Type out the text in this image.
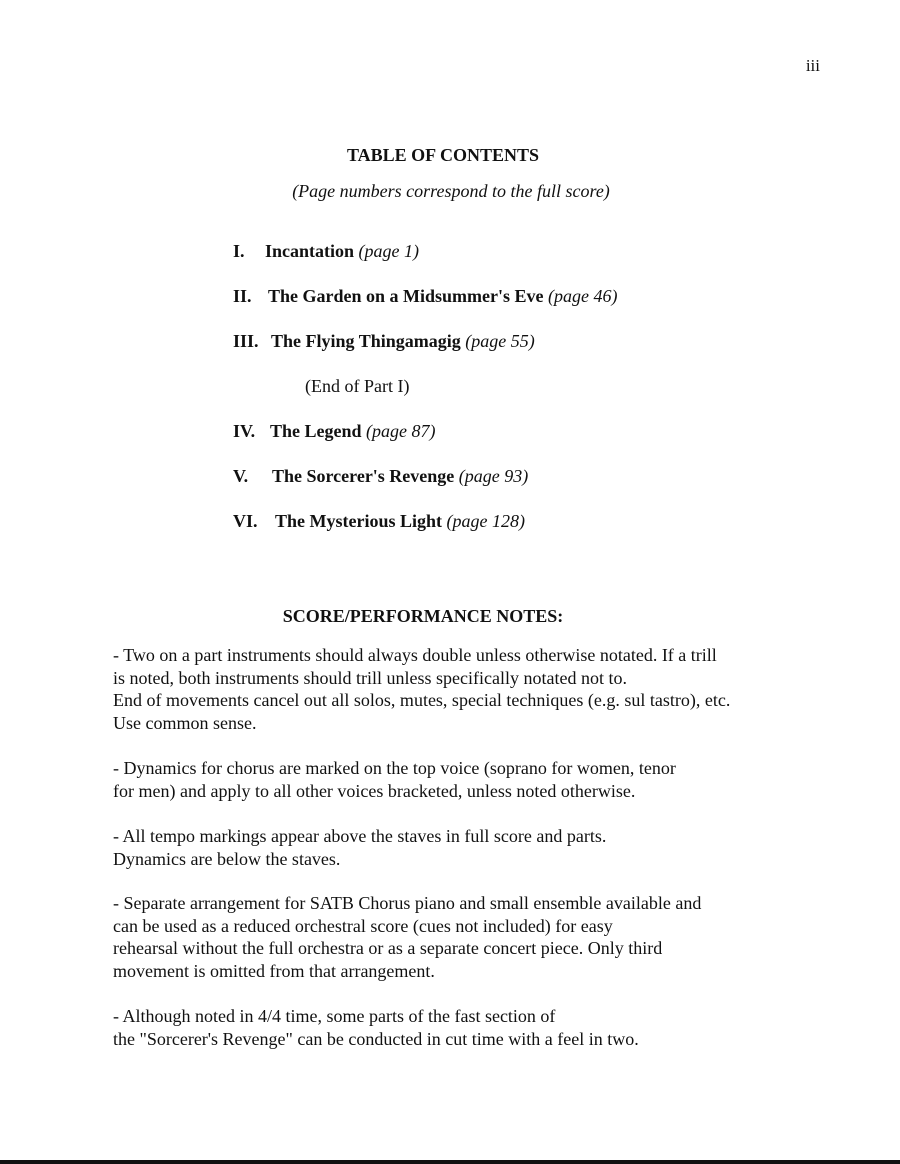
iii
TABLE OF CONTENTS
(Page numbers correspond to the full score)
I. Incantation (page 1)
II. The Garden on a Midsummer's Eve (page 46)
III. The Flying Thingamagig (page 55)
(End of Part I)
IV. The Legend (page 87)
V. The Sorcerer's Revenge (page 93)
VI. The Mysterious Light (page 128)
SCORE/PERFORMANCE NOTES:
- Two on a part instruments should always double unless otherwise notated. If a trill
is noted, both instruments should trill unless specifically notated not to.
End of movements cancel out all solos, mutes, special techniques (e.g. sul tastro), etc.
Use common sense.
- Dynamics for chorus are marked on the top voice (soprano for women, tenor
for men) and apply to all other voices bracketed, unless noted otherwise.
- All tempo markings appear above the staves in full score and parts.
Dynamics are below the staves.
- Separate arrangement for SATB Chorus piano and small ensemble available and
can be used as a reduced orchestral score (cues not included) for easy
rehearsal without the full orchestra or as a separate concert piece. Only third
movement is omitted from that arrangement.
- Although noted in 4/4 time, some parts of the fast section of
the "Sorcerer's Revenge" can be conducted in cut time with a feel in two.
